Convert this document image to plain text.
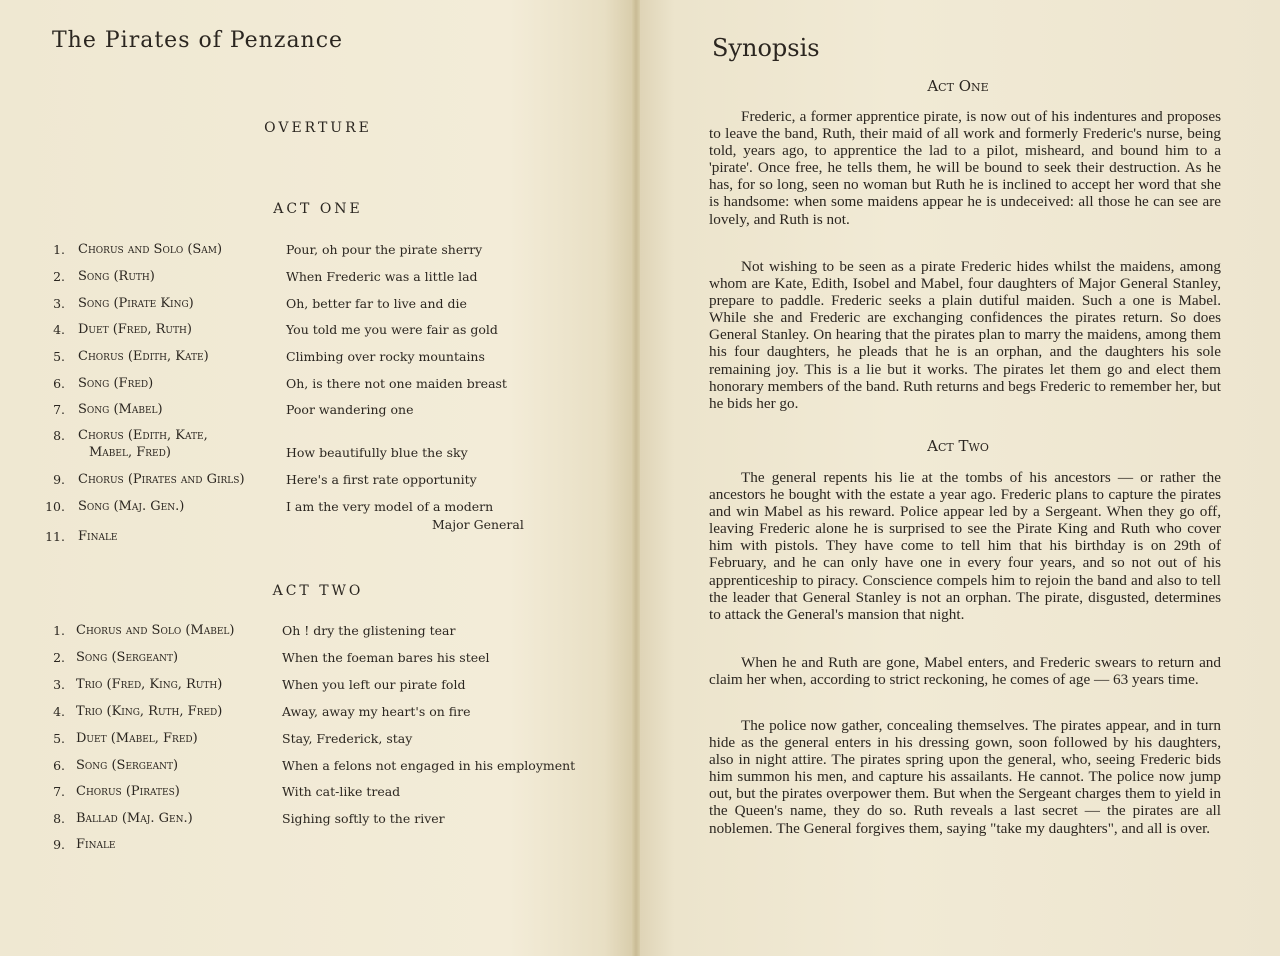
The Pirates of Penzance
OVERTURE
ACT ONE
1. Chorus and Solo (Sam)	Pour, oh pour the pirate sherry
2. Song (Ruth)	When Frederic was a little lad
3. Song (Pirate King)	Oh, better far to live and die
4. Duet (Fred, Ruth)	You told me you were fair as gold
5. Chorus (Edith, Kate)	Climbing over rocky mountains
6. Song (Fred)	Oh, is there not one maiden breast
7. Song (Mabel)	Poor wandering one
8. Chorus (Edith, Kate,
Mabel, Fred)	How beautifully blue the sky
9. Chorus (Pirates and Girls)	Here's a first rate opportunity
10. Song (Maj. Gen.)	I am the very model of a modern
Major General
11. Finale
ACT TWO
1. Chorus and Solo (Mabel)	Oh ! dry the glistening tear
2. Song (Sergeant)	When the foeman bares his steel
3. Trio (Fred, King, Ruth)	When you left our pirate fold
4. Trio (King, Ruth, Fred)	Away, away my heart's on fire
5. Duet (Mabel, Fred)	Stay, Frederick, stay
6. Song (Sergeant)	When a felons not engaged in his employment
7. Chorus (Pirates)	With cat-like tread
8. Ballad (Maj. Gen.)	Sighing softly to the river
9. Finale
Synopsis
Act One

Frederic, a former apprentice pirate, is now out of his indentures and proposes to leave the band, Ruth, their maid of all work and formerly Frederic's nurse, being told, years ago, to apprentice the lad to a pilot, misheard, and bound him to a 'pirate'. Once free, he tells them, he will be bound to seek their destruction. As he has, for so long, seen no woman but Ruth he is inclined to accept her word that she is handsome: when some maidens appear he is undeceived: all those he can see are lovely, and Ruth is not.

Not wishing to be seen as a pirate Frederic hides whilst the maidens, among whom are Kate, Edith, Isobel and Mabel, four daughters of Major General Stanley, prepare to paddle. Frederic seeks a plain dutiful maiden. Such a one is Mabel. While she and Frederic are exchanging confidences the pirates return. So does General Stanley. On hearing that the pirates plan to marry the maidens, among them his four daughters, he pleads that he is an orphan, and the daughters his sole remaining joy. This is a lie but it works. The pirates let them go and elect them honorary members of the band. Ruth returns and begs Frederic to remember her, but he bids her go.

Act Two

The general repents his lie at the tombs of his ancestors — or rather the ancestors he bought with the estate a year ago. Frederic plans to capture the pirates and win Mabel as his reward. Police appear led by a Sergeant. When they go off, leaving Frederic alone he is surprised to see the Pirate King and Ruth who cover him with pistols. They have come to tell him that his birthday is on 29th of February, and he can only have one in every four years, and so not out of his apprenticeship to piracy. Conscience compels him to rejoin the band and also to tell the leader that General Stanley is not an orphan. The pirate, disgusted, determines to attack the General's mansion that night.

When he and Ruth are gone, Mabel enters, and Frederic swears to return and claim her when, according to strict reckoning, he comes of age — 63 years time.

The police now gather, concealing themselves. The pirates appear, and in turn hide as the general enters in his dressing gown, soon followed by his daughters, also in night attire. The pirates spring upon the general, who, seeing Frederic bids him summon his men, and capture his assailants. He cannot. The police now jump out, but the pirates overpower them. But when the Sergeant charges them to yield in the Queen's name, they do so. Ruth reveals a last secret — the pirates are all noblemen. The General forgives them, saying "take my daughters", and all is over.
